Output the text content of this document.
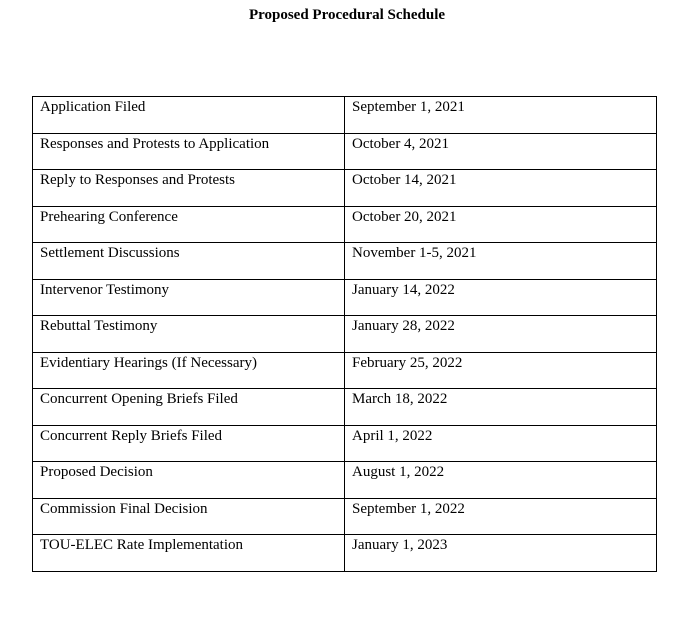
Proposed Procedural Schedule
Application Filed	September 1, 2021
Responses and Protests to Application	October 4, 2021
Reply to Responses and Protests	October 14, 2021
Prehearing Conference	October 20, 2021
Settlement Discussions	November 1-5, 2021
Intervenor Testimony	January 14, 2022
Rebuttal Testimony	January 28, 2022
Evidentiary Hearings (If Necessary)	February 25, 2022
Concurrent Opening Briefs Filed	March 18, 2022
Concurrent Reply Briefs Filed	April 1, 2022
Proposed Decision	August 1, 2022
Commission Final Decision	September 1, 2022
TOU-ELEC Rate Implementation	January 1, 2023
